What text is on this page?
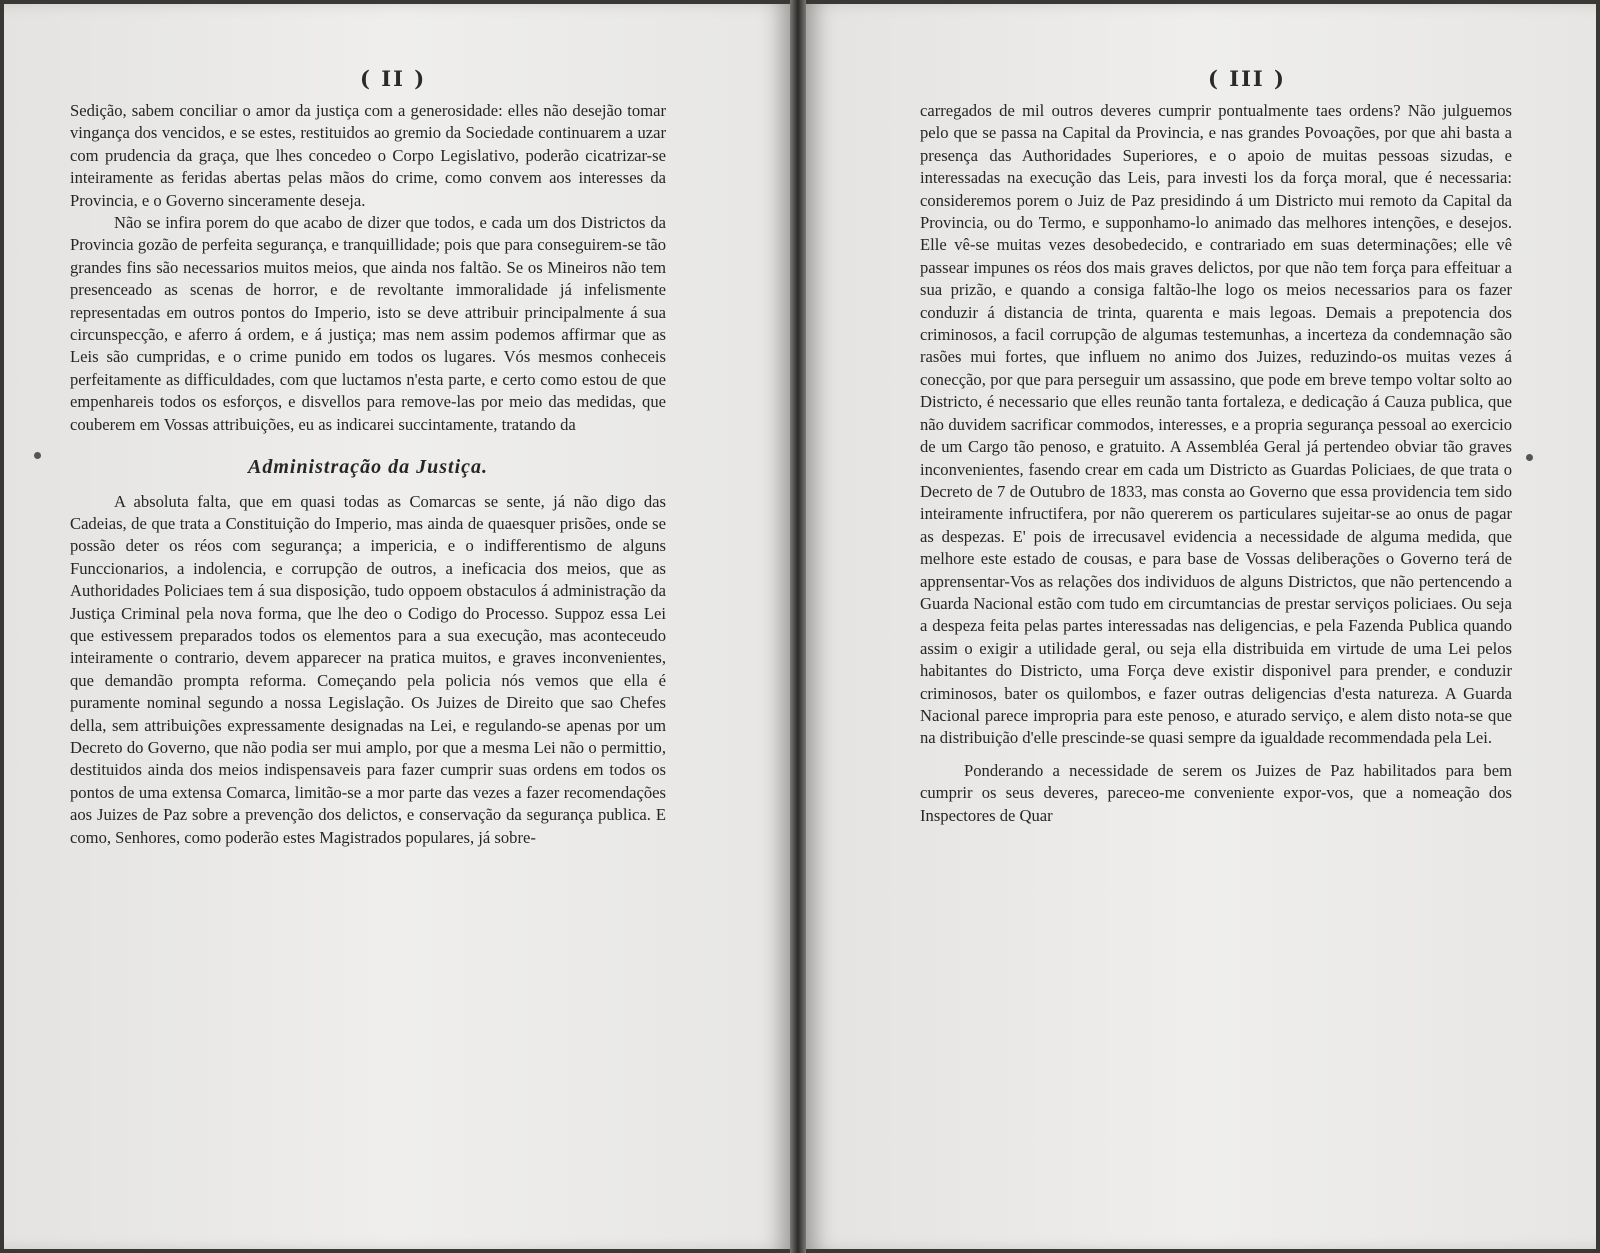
( II )

Sedição, sabem conciliar o amor da justiça com a generosidade: elles não desejão tomar vingança dos vencidos, e se estes, restituidos ao gremio da Sociedade continuarem a uzar com prudencia da graça, que lhes concedeo o Corpo Legislativo, poderão cicatrizar-se inteiramente as feridas abertas pelas mãos do crime, como convem aos interesses da Provincia, e o Governo sinceramente deseja.

Não se infira porem do que acabo de dizer que todos, e cada um dos Districtos da Provincia gozão de perfeita segurança, e tranquillidade; pois que para conseguirem-se tão grandes fins são necessarios muitos meios, que ainda nos faltão. Se os Mineiros não tem presenceado as scenas de horror, e de revoltante immoralidade já infelismente representadas em outros pontos do Imperio, isto se deve attribuir principalmente á sua circunspecção, e aferro á ordem, e á justiça; mas nem assim podemos affirmar que as Leis são cumpridas, e o crime punido em todos os lugares. Vós mesmos conheceis perfeitamente as difficuldades, com que luctamos n'esta parte, e certo como estou de que empenhareis todos os esforços, e disvellos para remove-las por meio das medidas, que couberem em Vossas attribuições, eu as indicarei succintamente, tratando da

Administração da Justiça.

A absoluta falta, que em quasi todas as Comarcas se sente, já não digo das Cadeias, de que trata a Constituição do Imperio, mas ainda de quaesquer prisões, onde se possão deter os réos com segurança; a impericia, e o indifferentismo de alguns Funccionarios, a indolencia, e corrupção de outros, a ineficacia dos meios, que as Authoridades Policiaes tem á sua disposição, tudo oppoem obstaculos á administração da Justiça Criminal pela nova forma, que lhe deo o Codigo do Processo. Suppoz essa Lei que estivessem preparados todos os elementos para a sua execução, mas aconteceudo inteiramente o contrario, devem apparecer na pratica muitos, e graves inconvenientes, que demandão prompta reforma. Começando pela policia nós vemos que ella é puramente nominal segundo a nossa Legislação. Os Juizes de Direito que sao Chefes della, sem attribuições expressamente designadas na Lei, e regulando-se apenas por um Decreto do Governo, que não podia ser mui amplo, por que a mesma Lei não o permittio, destituidos ainda dos meios indispensaveis para fazer cumprir suas ordens em todos os pontos de uma extensa Comarca, limitão-se a mor parte das vezes a fazer recomendações aos Juizes de Paz sobre a prevenção dos delictos, e conservação da segurança publica. E como, Senhores, como poderão estes Magistrados populares, já sobre-

( III )

carregados de mil outros deveres cumprir pontualmente taes ordens? Não julguemos pelo que se passa na Capital da Provincia, e nas grandes Povoações, por que ahi basta a presença das Authoridades Superiores, e o apoio de muitas pessoas sizudas, e interessadas na execução das Leis, para investi los da força moral, que é necessaria: consideremos porem o Juiz de Paz presidindo á um Districto mui remoto da Capital da Provincia, ou do Termo, e supponhamo-lo animado das melhores intenções, e desejos. Elle vê-se muitas vezes desobedecido, e contrariado em suas determinações; elle vê passear impunes os réos dos mais graves delictos, por que não tem força para effeituar a sua prizão, e quando a consiga faltão-lhe logo os meios necessarios para os fazer conduzir á distancia de trinta, quarenta e mais legoas. Demais a prepotencia dos criminosos, a facil corrupção de algumas testemunhas, a incerteza da condemnação são rasões mui fortes, que influem no animo dos Juizes, reduzindo-os muitas vezes á conecção, por que para perseguir um assassino, que pode em breve tempo voltar solto ao Districto, é necessario que elles reunão tanta fortaleza, e dedicação á Cauza publica, que não duvidem sacrificar commodos, interesses, e a propria segurança pessoal ao exercicio de um Cargo tão penoso, e gratuito. A Assembléa Geral já pertendeo obviar tão graves inconvenientes, fasendo crear em cada um Districto as Guardas Policiaes, de que trata o Decreto de 7 de Outubro de 1833, mas consta ao Governo que essa providencia tem sido inteiramente infructifera, por não quererem os particulares sujeitar-se ao onus de pagar as despezas. E' pois de irrecusavel evidencia a necessidade de alguma medida, que melhore este estado de cousas, e para base de Vossas deliberações o Governo terá de apprensentar-Vos as relações dos individuos de alguns Districtos, que não pertencendo a Guarda Nacional estão com tudo em circumtancias de prestar serviços policiaes. Ou seja a despeza feita pelas partes interessadas nas deligencias, e pela Fazenda Publica quando assim o exigir a utilidade geral, ou seja ella distribuida em virtude de uma Lei pelos habitantes do Districto, uma Força deve existir disponivel para prender, e conduzir criminosos, bater os quilombos, e fazer outras deligencias d'esta natureza. A Guarda Nacional parece impropria para este penoso, e aturado serviço, e alem disto nota-se que na distribuição d'elle prescinde-se quasi sempre da igualdade recommendada pela Lei.

Ponderando a necessidade de serem os Juizes de Paz habilitados para bem cumprir os seus deveres, pareceo-me conveniente expor-vos, que a nomeação dos Inspectores de Quar
